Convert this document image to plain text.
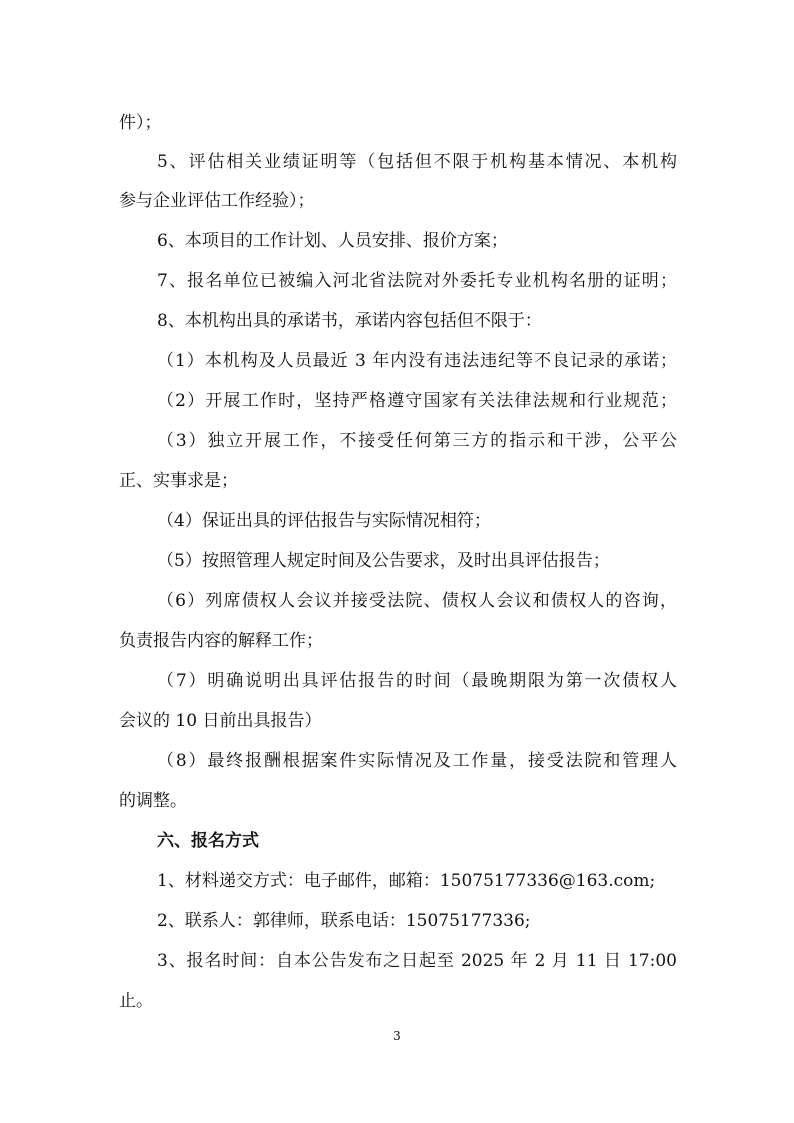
件）；
5、评估相关业绩证明等（包括但不限于机构基本情况、本机构
参与企业评估工作经验）；
6、本项目的工作计划、人员安排、报价方案；
7、报名单位已被编入河北省法院对外委托专业机构名册的证明；
8、本机构出具的承诺书，承诺内容包括但不限于：
（1）本机构及人员最近 3 年内没有违法违纪等不良记录的承诺；
（2）开展工作时，坚持严格遵守国家有关法律法规和行业规范；
（3）独立开展工作，不接受任何第三方的指示和干涉，公平公
正、实事求是；
（4）保证出具的评估报告与实际情况相符；
（5）按照管理人规定时间及公告要求，及时出具评估报告；
（6）列席债权人会议并接受法院、债权人会议和债权人的咨询，
负责报告内容的解释工作；
（7）明确说明出具评估报告的时间（最晚期限为第一次债权人
会议的 10 日前出具报告）
（8）最终报酬根据案件实际情况及工作量，接受法院和管理人
的调整。
六、报名方式
1、材料递交方式：电子邮件，邮箱：15075177336@163.com;
2、联系人：郭律师，联系电话：15075177336;
3、报名时间：自本公告发布之日起至 2025 年 2 月 11 日 17:00
止。
3
